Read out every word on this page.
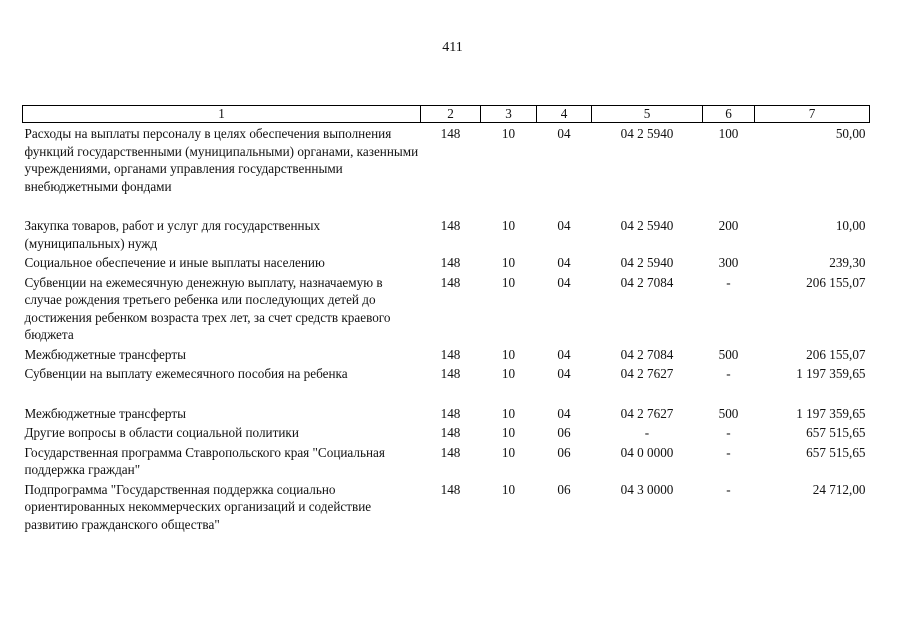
411
1	2	3	4	5	6	7
Расходы на выплаты персоналу в целях обеспечения выполнения функций государственными (муниципальными) органами, казенными учреждениями, органами управления государственными внебюджетными фондами	148	10	04	04 2 5940	100	50,00
Закупка товаров, работ и услуг для государственных (муниципальных) нужд	148	10	04	04 2 5940	200	10,00
Социальное обеспечение и иные выплаты населению	148	10	04	04 2 5940	300	239,30
Субвенции на ежемесячную денежную выплату, назначаемую в случае рождения третьего ребенка или последующих детей до достижения ребенком возраста трех лет, за счет средств краевого бюджета	148	10	04	04 2 7084	-	206 155,07
Межбюджетные трансферты	148	10	04	04 2 7084	500	206 155,07
Субвенции на выплату ежемесячного пособия на ребенка	148	10	04	04 2 7627	-	1 197 359,65
Межбюджетные трансферты	148	10	04	04 2 7627	500	1 197 359,65
Другие вопросы в области социальной политики	148	10	06	-	-	657 515,65
Государственная программа Ставропольского края "Социальная поддержка граждан"	148	10	06	04 0 0000	-	657 515,65
Подпрограмма "Государственная поддержка социально ориентированных некоммерческих организаций и содействие развитию гражданского общества"	148	10	06	04 3 0000	-	24 712,00
